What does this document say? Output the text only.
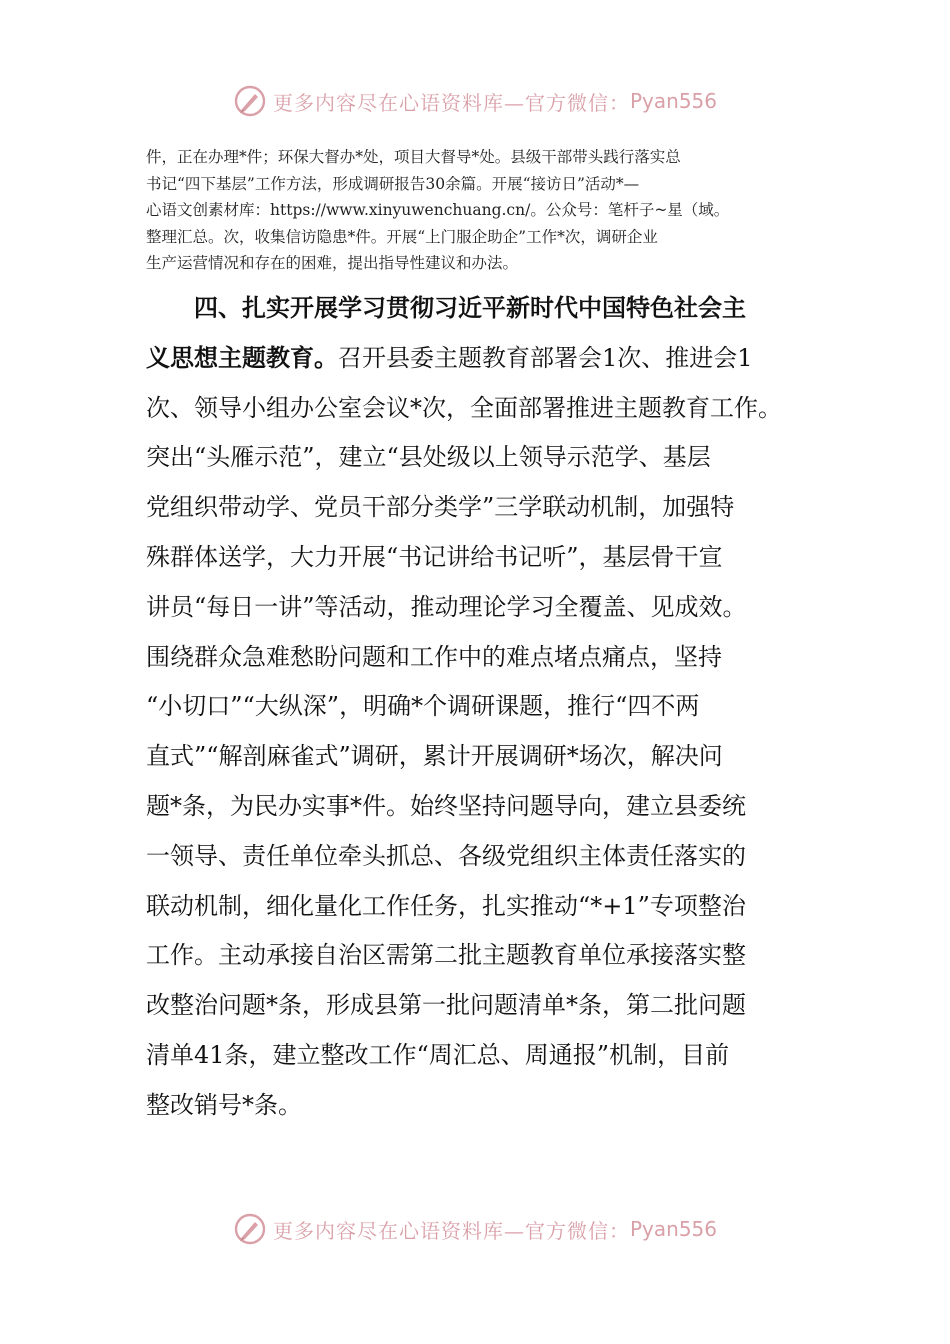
更多内容尽在心语资料库—官方微信： Pyan556
件，正在办理*件；环保大督办*处，项目大督导*处。县级干部带头践行落实总
书记“四下基层”工作方法，形成调研报告30余篇。开展“接访日”活动*—
心语文创素材库：https://www.xinyuwenchuang.cn/。公众号：笔杆子~星（域。
整理汇总。次，收集信访隐患*件。开展“上门服企助企”工作*次，调研企业
生产运营情况和存在的困难，提出指导性建议和办法。
四、扎实开展学习贯彻习近平新时代中国特色社会主
义思想主题教育。召开县委主题教育部署会1次、推进会1
次、领导小组办公室会议*次，全面部署推进主题教育工作。
突出“头雁示范”，建立“县处级以上领导示范学、基层
党组织带动学、党员干部分类学”三学联动机制，加强特
殊群体送学，大力开展“书记讲给书记听”，基层骨干宣
讲员“每日一讲”等活动，推动理论学习全覆盖、见成效。
围绕群众急难愁盼问题和工作中的难点堵点痛点，坚持
“小切口”“大纵深”，明确*个调研课题，推行“四不两
直式”“解剖麻雀式”调研，累计开展调研*场次，解决问
题*条，为民办实事*件。始终坚持问题导向，建立县委统
一领导、责任单位牵头抓总、各级党组织主体责任落实的
联动机制，细化量化工作任务，扎实推动“*+1”专项整治
工作。主动承接自治区需第二批主题教育单位承接落实整
改整治问题*条，形成县第一批问题清单*条，第二批问题
清单41条，建立整改工作“周汇总、周通报”机制，目前
整改销号*条。
更多内容尽在心语资料库—官方微信： Pyan556
